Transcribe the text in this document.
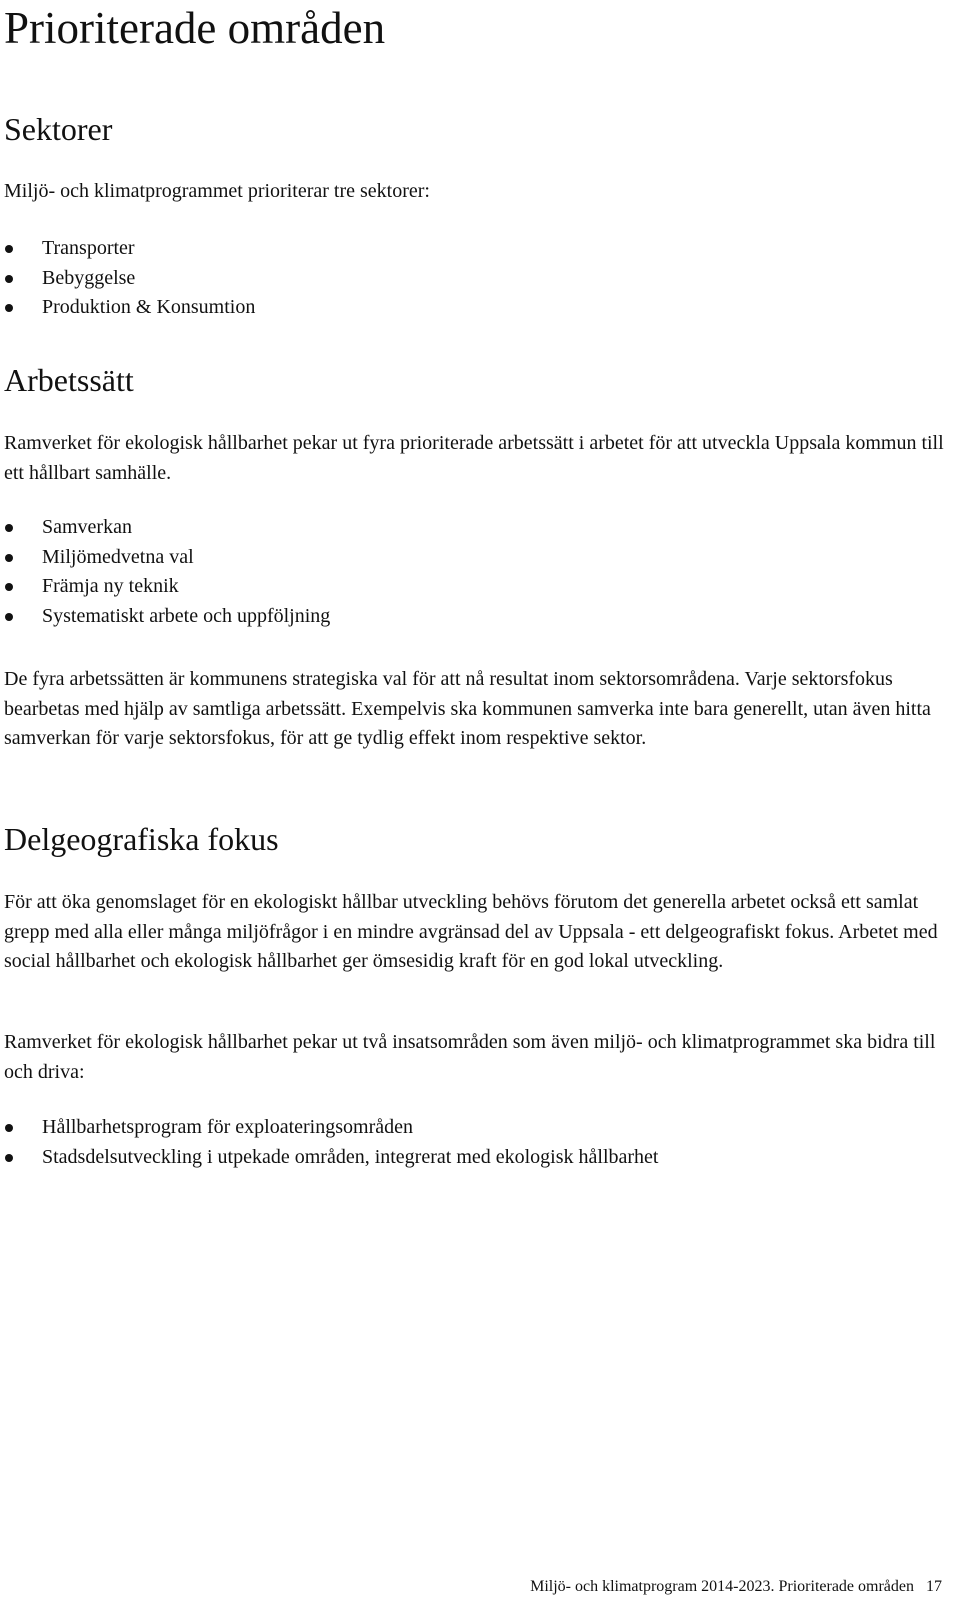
Prioriterade områden
Sektorer

Miljö- och klimatprogrammet prioriterar tre sektorer:

Transporter
Bebyggelse
Produktion & Konsumtion
Arbetssätt

Ramverket för ekologisk hållbarhet pekar ut fyra prioriterade arbetssätt i arbetet för att utveckla Uppsala kommun till ett hållbart samhälle.

Samverkan
Miljömedvetna val
Främja ny teknik
Systematiskt arbete och uppföljning

De fyra arbetssätten är kommunens strategiska val för att nå resultat inom sektorsområdena. Varje sektorsfokus bearbetas med hjälp av samtliga arbetssätt. Exempelvis ska kommunen samverka inte bara generellt, utan även hitta samverkan för varje sektorsfokus, för att ge tydlig effekt inom respektive sektor.

Delgeografiska fokus

För att öka genomslaget för en ekologiskt hållbar utveckling behövs förutom det generella arbetet också ett samlat grepp med alla eller många miljöfrågor i en mindre avgränsad del av Uppsala - ett delgeografiskt fokus. Arbetet med social hållbarhet och ekologisk hållbarhet ger ömsesidig kraft för en god lokal utveckling.

Ramverket för ekologisk hållbarhet pekar ut två insatsområden som även miljö- och klimatprogrammet ska bidra till och driva:

Hållbarhetsprogram för exploateringsområden
Stadsdelsutveckling i utpekade områden, integrerat med ekologisk hållbarhet
Miljö- och klimatprogram 2014-2023. Prioriterade områden 17
